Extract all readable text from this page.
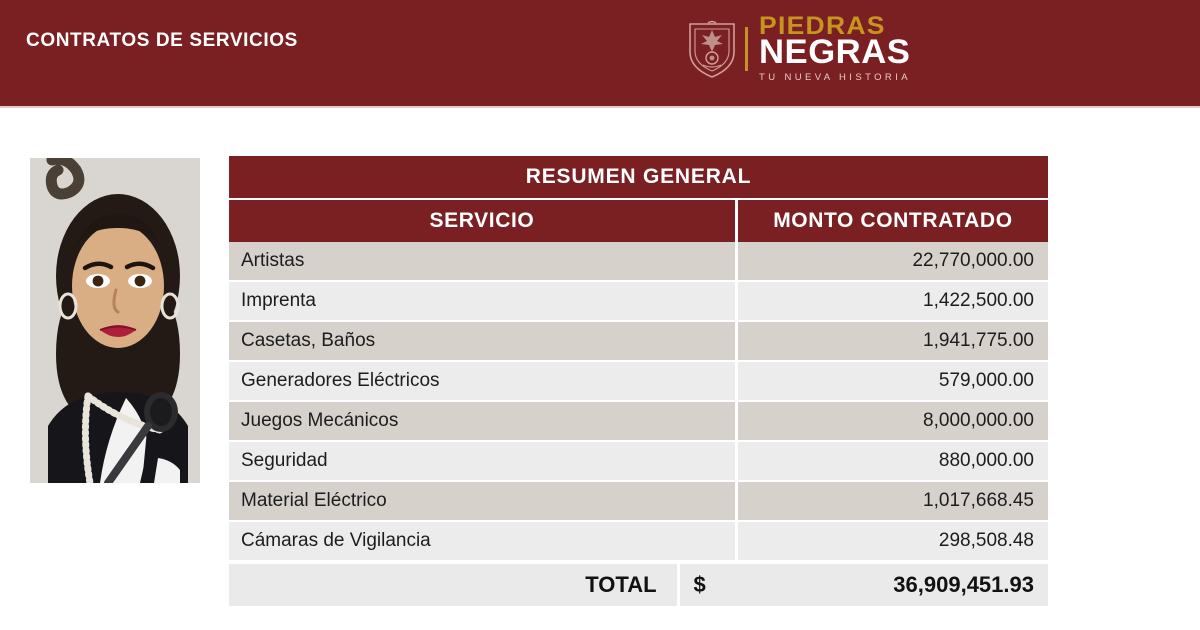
CONTRATOS DE SERVICIOS
PIEDRAS
NEGRAS
TU NUEVA HISTORIA
RESUMEN GENERAL		

SERVICIO		MONTO CONTRATADO
Artistas		22,770,000.00
Imprenta		1,422,500.00
Casetas, Baños		1,941,775.00
Generadores Eléctricos		579,000.00
Juegos Mecánicos		8,000,000.00
Seguridad		880,000.00
Material Eléctrico		1,017,668.45
Cámaras de Vigilancia		298,508.48
TOTAL	$	36,909,451.93
